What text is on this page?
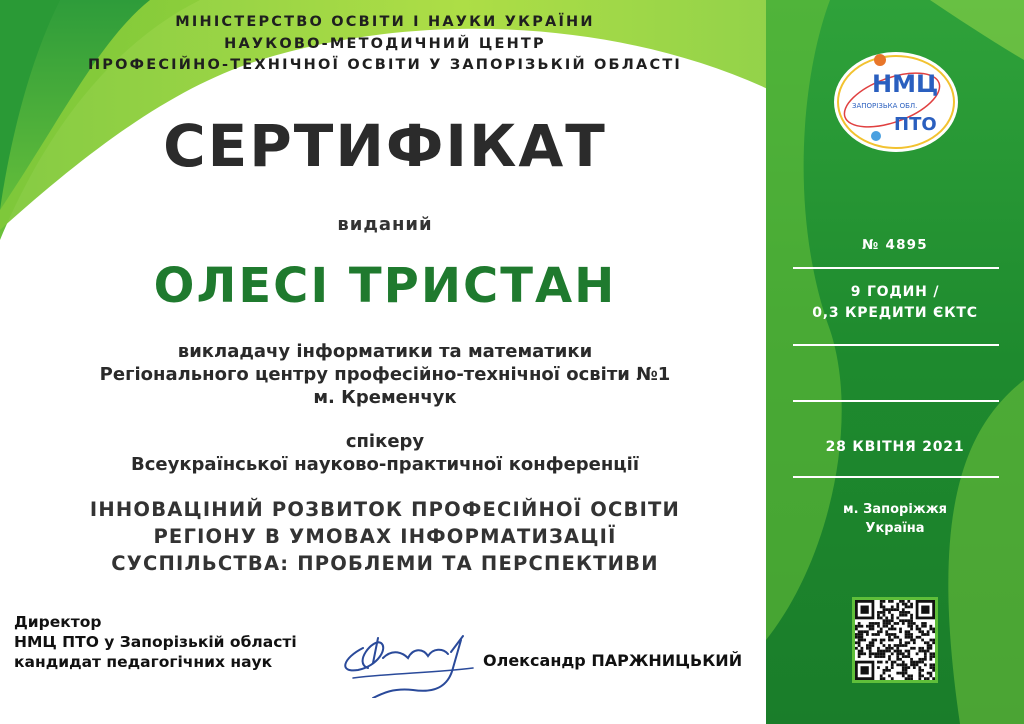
МІНІСТЕРСТВО ОСВІТИ І НАУКИ УКРАЇНИ
НАУКОВО-МЕТОДИЧНИЙ ЦЕНТР
ПРОФЕСІЙНО-ТЕХНІЧНОЇ ОСВІТИ У ЗАПОРІЗЬКІЙ ОБЛАСТІ
СЕРТИФІКАТ
виданий
ОЛЕСІ ТРИСТАН
викладачу інформатики та математики
Регіонального центру професійно-технічної освіти №1
м. Кременчук
спікеру
Всеукраїнської науково-практичної конференції
ІННОВАЦІНИЙ РОЗВИТОК ПРОФЕСІЙНОЇ ОСВІТИ
РЕГІОНУ В УМОВАХ ІНФОРМАТИЗАЦІЇ
СУСПІЛЬСТВА: ПРОБЛЕМИ ТА ПЕРСПЕКТИВИ
Директор
НМЦ ПТО у Запорізькій області
кандидат педагогічних наук	Олександр ПАРЖНИЦЬКИЙ
НМЦ
ЗАПОРІЗЬКА ОБЛ.
ПТО
№ 4895
9 ГОДИН /
0,3 КРЕДИТИ ЄКТС
28 КВІТНЯ 2021
м. Запоріжжя
Україна
